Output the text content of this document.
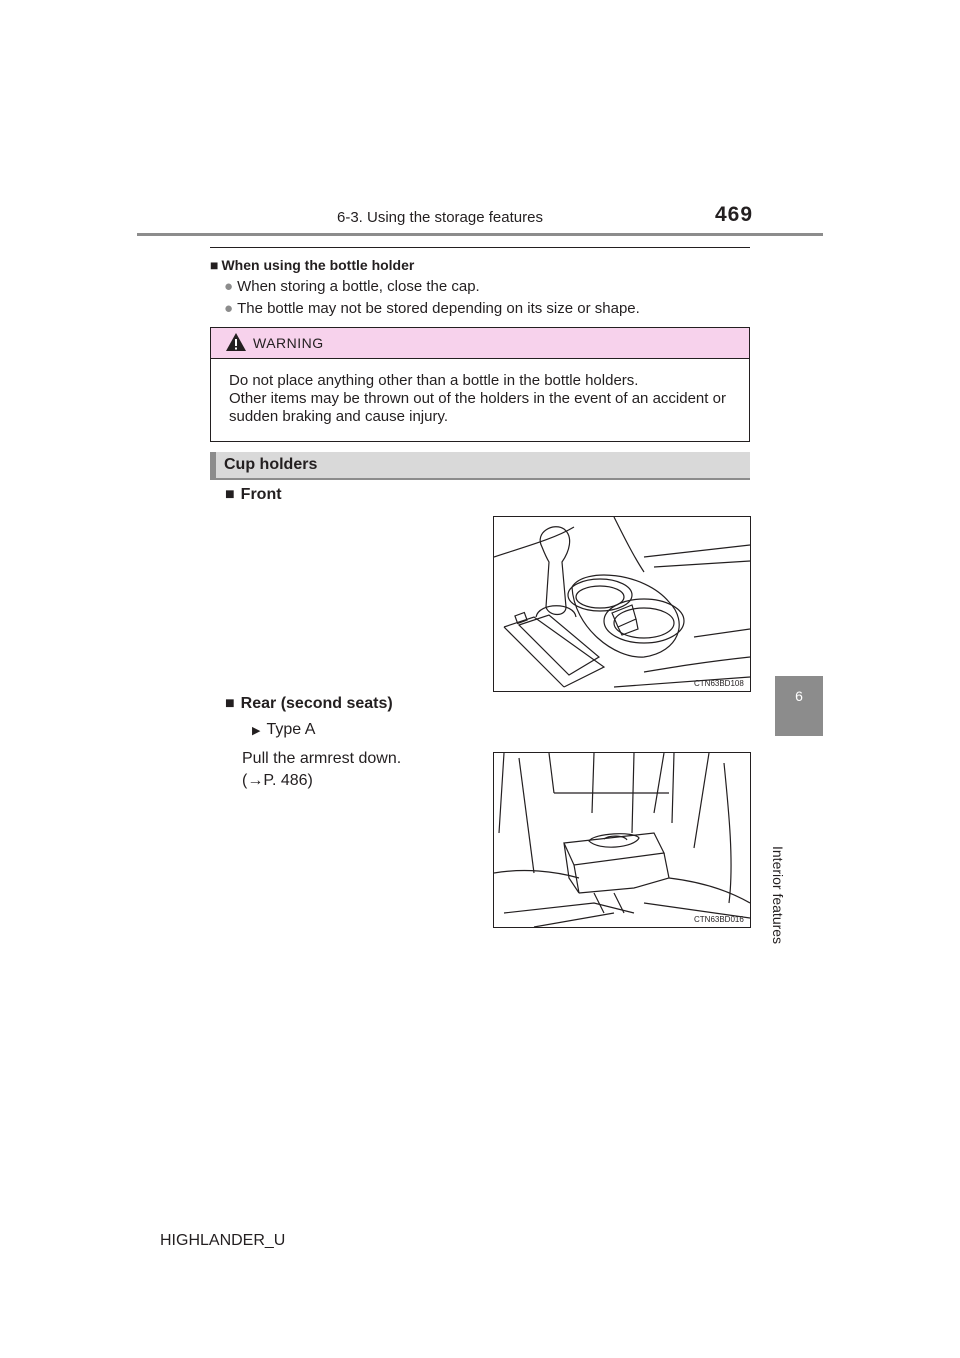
6-3. Using the storage features	469
6
Interior features
■ When using the bottle holder
● When storing a bottle, close the cap.
● The bottle may not be stored depending on its size or shape.
WARNING
Do not place anything other than a bottle in the bottle holders.
Other items may be thrown out of the holders in the event of an accident or
sudden braking and cause injury.
Cup holders
■ Front
CTN63BD108
■ Rear (second seats)
▶ Type A
Pull the armrest down.
(→P. 486)
CTN63BD016
HIGHLANDER_U
